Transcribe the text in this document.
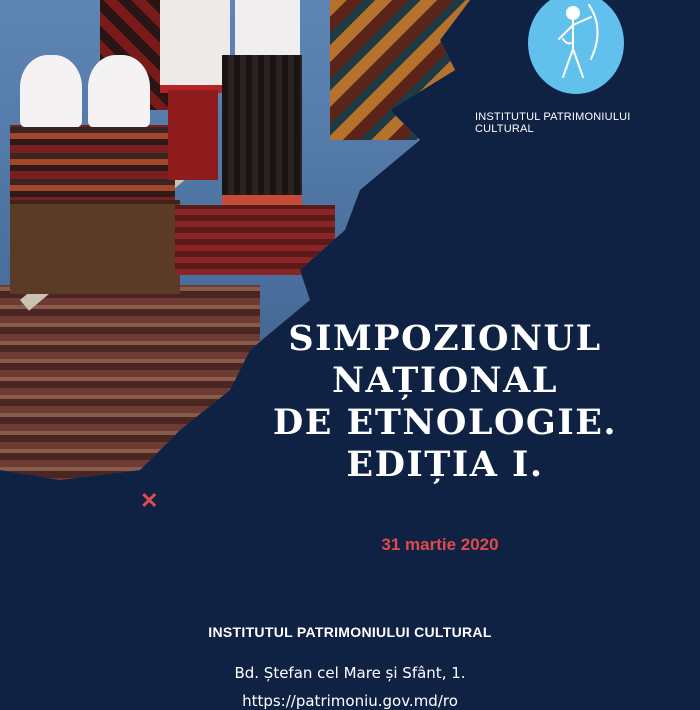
INSTITUTUL PATRIMONIULUI CULTURAL
SIMPOZIONUL
NAȚIONAL
DE ETNOLOGIE.
EDIȚIA I.
✕
31 martie 2020
INSTITUTUL PATRIMONIULUI CULTURAL
Bd. Ștefan cel Mare și Sfânt, 1.
https://patrimoniu.gov.md/ro
